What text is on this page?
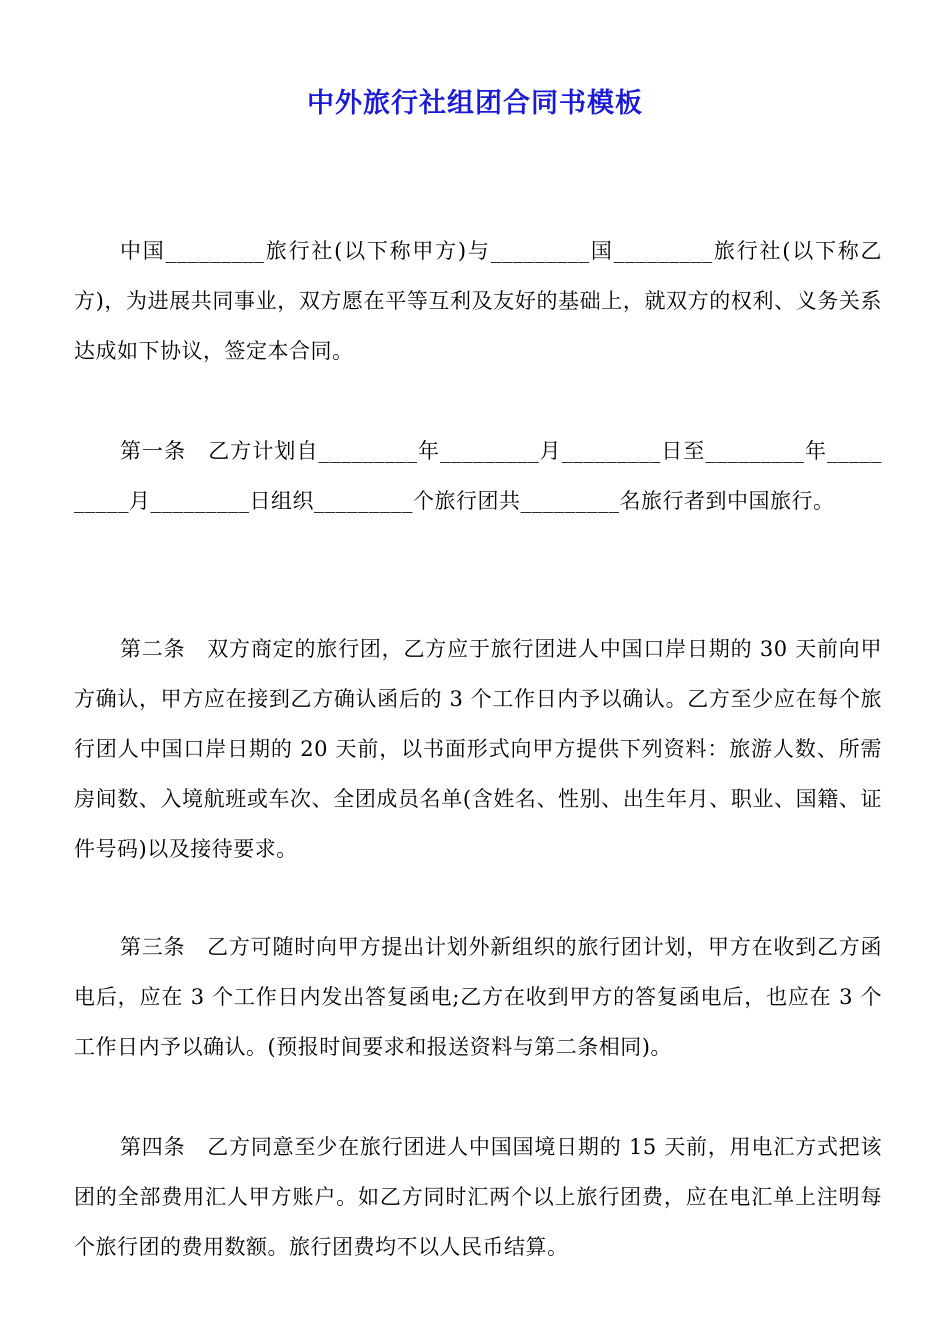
中外旅行社组团合同书模板
中国_________旅行社(以下称甲方)与_________国_________旅行社(以下称乙方)，为进展共同事业，双方愿在平等互利及友好的基础上，就双方的权利、义务关系达成如下协议，签定本合同。
第一条　乙方计划自_________年_________月_________日至_________年__________月_________日组织_________个旅行团共_________名旅行者到中国旅行。
第二条　双方商定的旅行团，乙方应于旅行团进人中国口岸日期的 30 天前向甲方确认，甲方应在接到乙方确认函后的 3 个工作日内予以确认。乙方至少应在每个旅行团人中国口岸日期的 20 天前，以书面形式向甲方提供下列资料：旅游人数、所需房间数、入境航班或车次、全团成员名单(含姓名、性别、出生年月、职业、国籍、证件号码)以及接待要求。
第三条　乙方可随时向甲方提出计划外新组织的旅行团计划，甲方在收到乙方函电后，应在 3 个工作日内发出答复函电;乙方在收到甲方的答复函电后，也应在 3 个工作日内予以确认。(预报时间要求和报送资料与第二条相同)。
第四条　乙方同意至少在旅行团进人中国国境日期的 15 天前，用电汇方式把该团的全部费用汇人甲方账户。如乙方同时汇两个以上旅行团费，应在电汇单上注明每个旅行团的费用数额。旅行团费均不以人民币结算。
